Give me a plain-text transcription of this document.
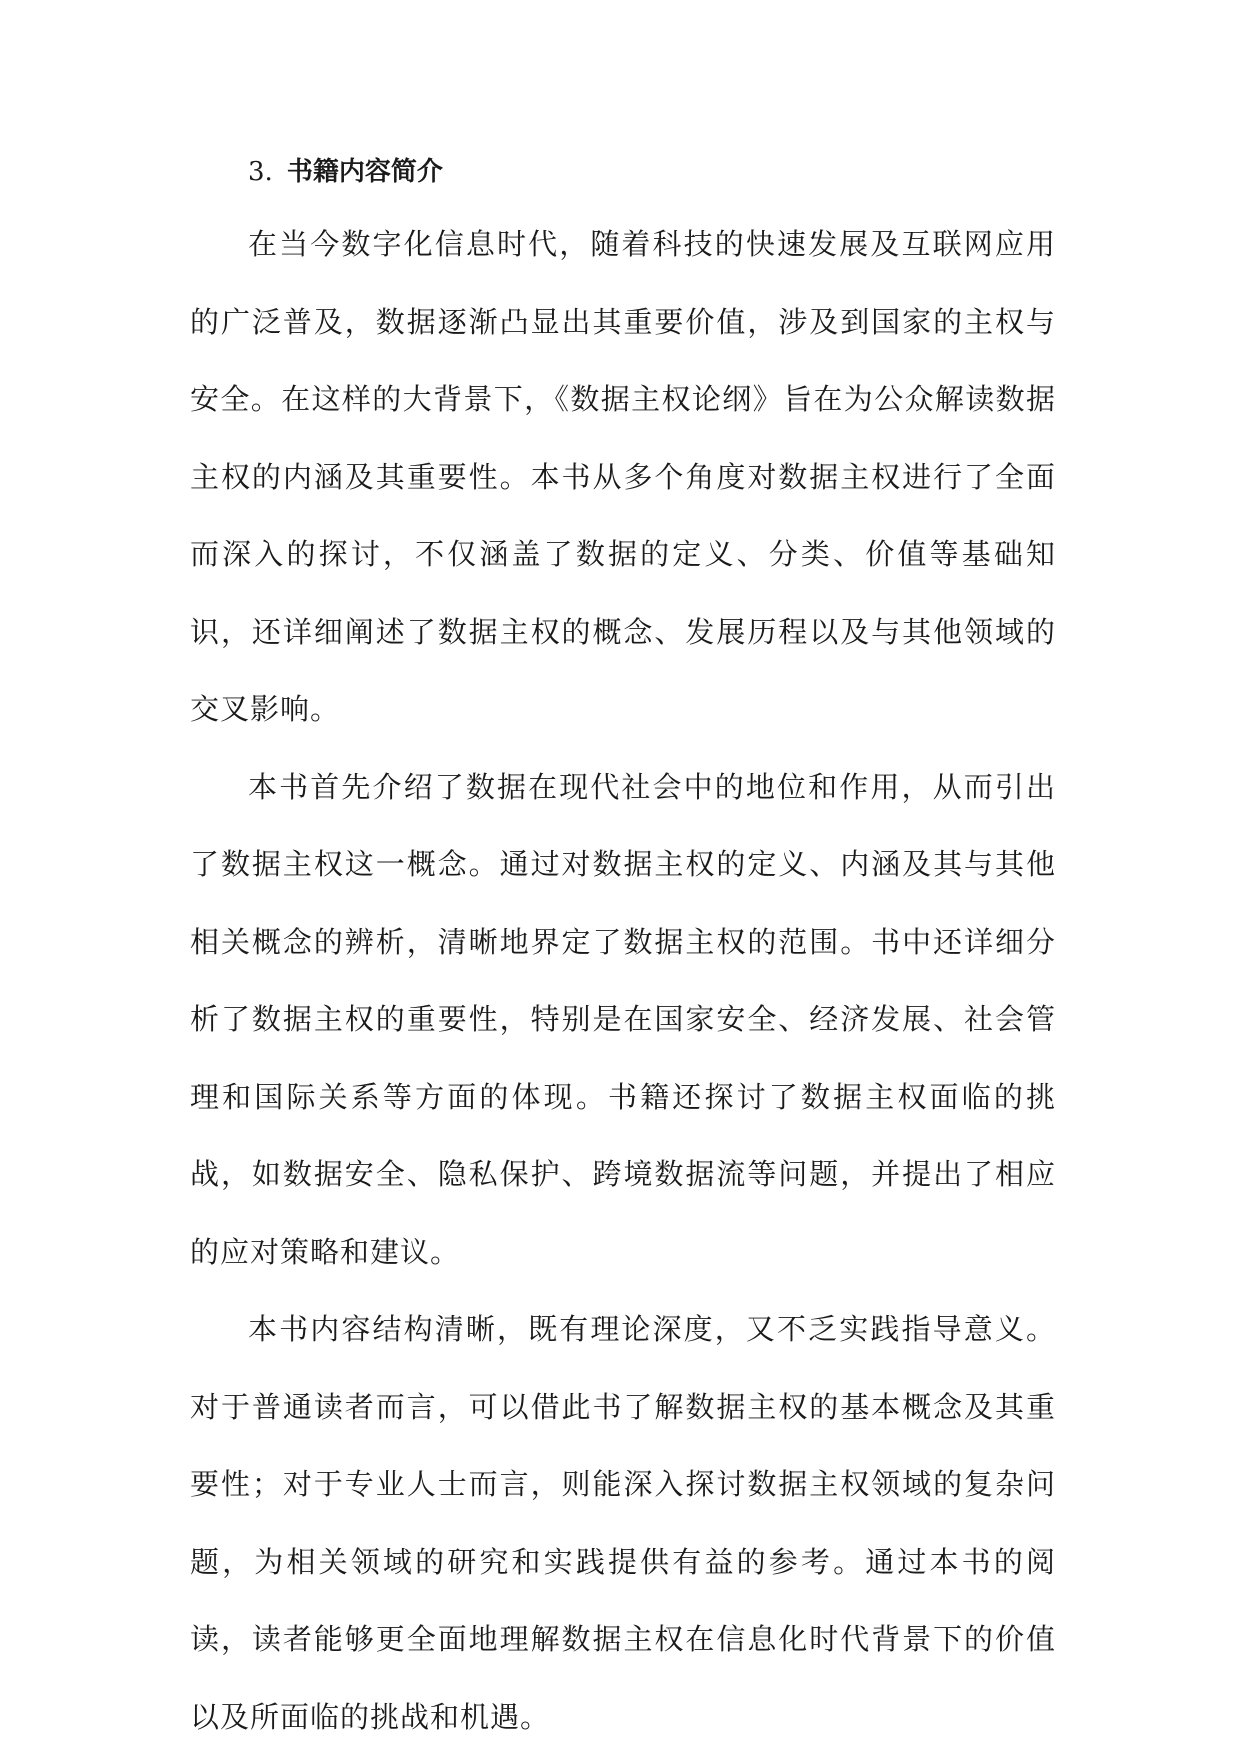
3. 书籍内容简介

在当今数字化信息时代，随着科技的快速发展及互联网应用的广泛普及，数据逐渐凸显出其重要价值，涉及到国家的主权与安全。在这样的大背景下，《数据主权论纲》旨在为公众解读数据主权的内涵及其重要性。本书从多个角度对数据主权进行了全面而深入的探讨，不仅涵盖了数据的定义、分类、价值等基础知识，还详细阐述了数据主权的概念、发展历程以及与其他领域的交叉影响。

本书首先介绍了数据在现代社会中的地位和作用，从而引出了数据主权这一概念。通过对数据主权的定义、内涵及其与其他相关概念的辨析，清晰地界定了数据主权的范围。书中还详细分析了数据主权的重要性，特别是在国家安全、经济发展、社会管理和国际关系等方面的体现。书籍还探讨了数据主权面临的挑战，如数据安全、隐私保护、跨境数据流等问题，并提出了相应的应对策略和建议。

本书内容结构清晰，既有理论深度，又不乏实践指导意义。对于普通读者而言，可以借此书了解数据主权的基本概念及其重要性；对于专业人士而言，则能深入探讨数据主权领域的复杂问题，为相关领域的研究和实践提供有益的参考。通过本书的阅读，读者能够更全面地理解数据主权在信息化时代背景下的价值以及所面临的挑战和机遇。
